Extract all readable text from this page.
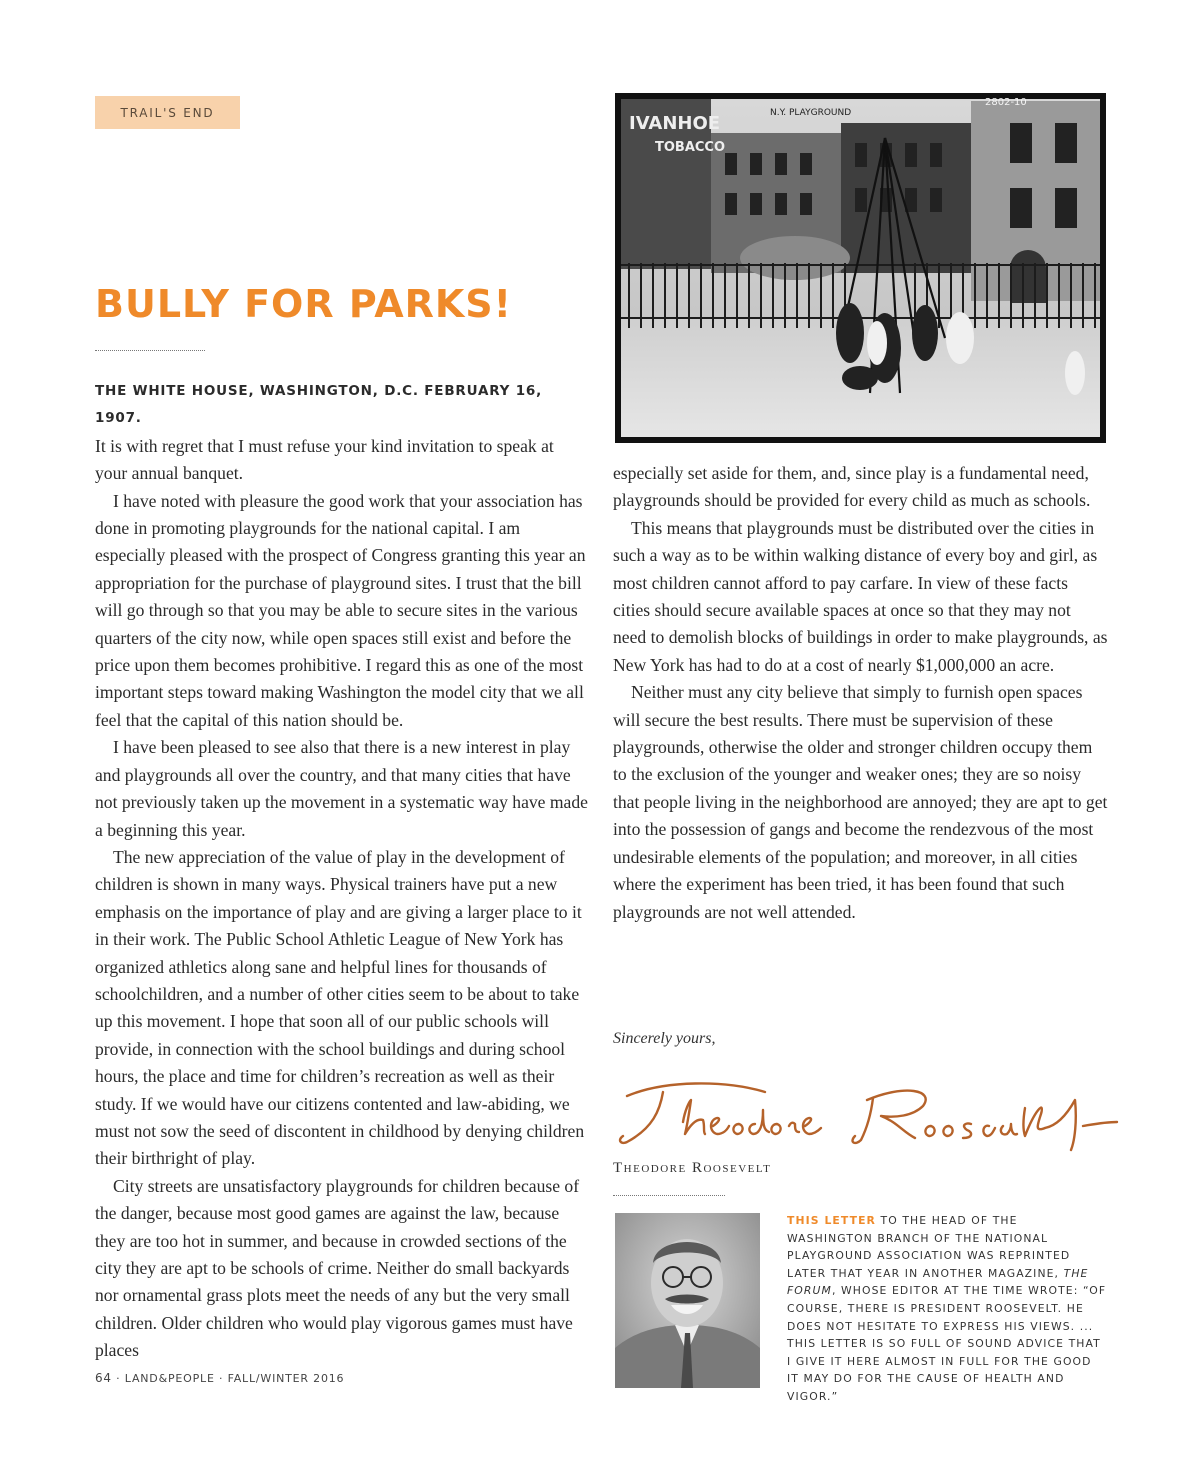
TRAIL'S END
BULLY FOR PARKS!
IVANHOE
TOBACCO
N.Y. PLAYGROUND
2802-10
THE WHITE HOUSE, WASHINGTON, D.C. FEBRUARY 16, 1907.

It is with regret that I must refuse your kind invitation to speak at your annual banquet.

I have noted with pleasure the good work that your association has done in promoting playgrounds for the national capital. I am especially pleased with the prospect of Congress granting this year an appropriation for the purchase of playground sites. I trust that the bill will go through so that you may be able to secure sites in the various quarters of the city now, while open spaces still exist and before the price upon them becomes prohibitive. I regard this as one of the most important steps toward making Washington the model city that we all feel that the capital of this nation should be.

I have been pleased to see also that there is a new interest in play and playgrounds all over the country, and that many cities that have not previously taken up the movement in a systematic way have made a beginning this year.

The new appreciation of the value of play in the development of children is shown in many ways. Physical trainers have put a new emphasis on the importance of play and are giving a larger place to it in their work. The Public School Athletic League of New York has organized athletics along sane and helpful lines for thousands of schoolchildren, and a number of other cities seem to be about to take up this movement. I hope that soon all of our public schools will provide, in connection with the school buildings and during school hours, the place and time for children’s recreation as well as their study. If we would have our citizens contented and law-abiding, we must not sow the seed of discontent in childhood by denying children their birthright of play.

City streets are unsatisfactory playgrounds for children because of the danger, because most good games are against the law, because they are too hot in summer, and because in crowded sections of the city they are apt to be schools of crime. Neither do small backyards nor ornamental grass plots meet the needs of any but the very small children. Older children who would play vigorous games must have places

especially set aside for them, and, since play is a fundamental need, playgrounds should be provided for every child as much as schools.

This means that playgrounds must be distributed over the cities in such a way as to be within walking distance of every boy and girl, as most children cannot afford to pay carfare. In view of these facts cities should secure available spaces at once so that they may not need to demolish blocks of buildings in order to make playgrounds, as New York has had to do at a cost of nearly $1,000,000 an acre.

Neither must any city believe that simply to furnish open spaces will secure the best results. There must be supervision of these playgrounds, otherwise the older and stronger children occupy them to the exclusion of the younger and weaker ones; they are so noisy that people living in the neighborhood are annoyed; they are apt to get into the possession of gangs and become the rendezvous of the most undesirable elements of the population; and moreover, in all cities where the experiment has been tried, it has been found that such playgrounds are not well attended.

Sincerely yours,

Theodore Roosevelt

THIS LETTER TO THE HEAD OF THE WASHINGTON BRANCH OF THE NATIONAL PLAYGROUND ASSOCIATION WAS REPRINTED LATER THAT YEAR IN ANOTHER MAGAZINE, THE FORUM, WHOSE EDITOR AT THE TIME WROTE: “OF COURSE, THERE IS PRESIDENT ROOSEVELT. HE DOES NOT HESITATE TO EXPRESS HIS VIEWS. ... THIS LETTER IS SO FULL OF SOUND ADVICE THAT I GIVE IT HERE ALMOST IN FULL FOR THE GOOD IT MAY DO FOR THE CAUSE OF HEALTH AND VIGOR.”

64 · LAND&PEOPLE · FALL/WINTER 2016
